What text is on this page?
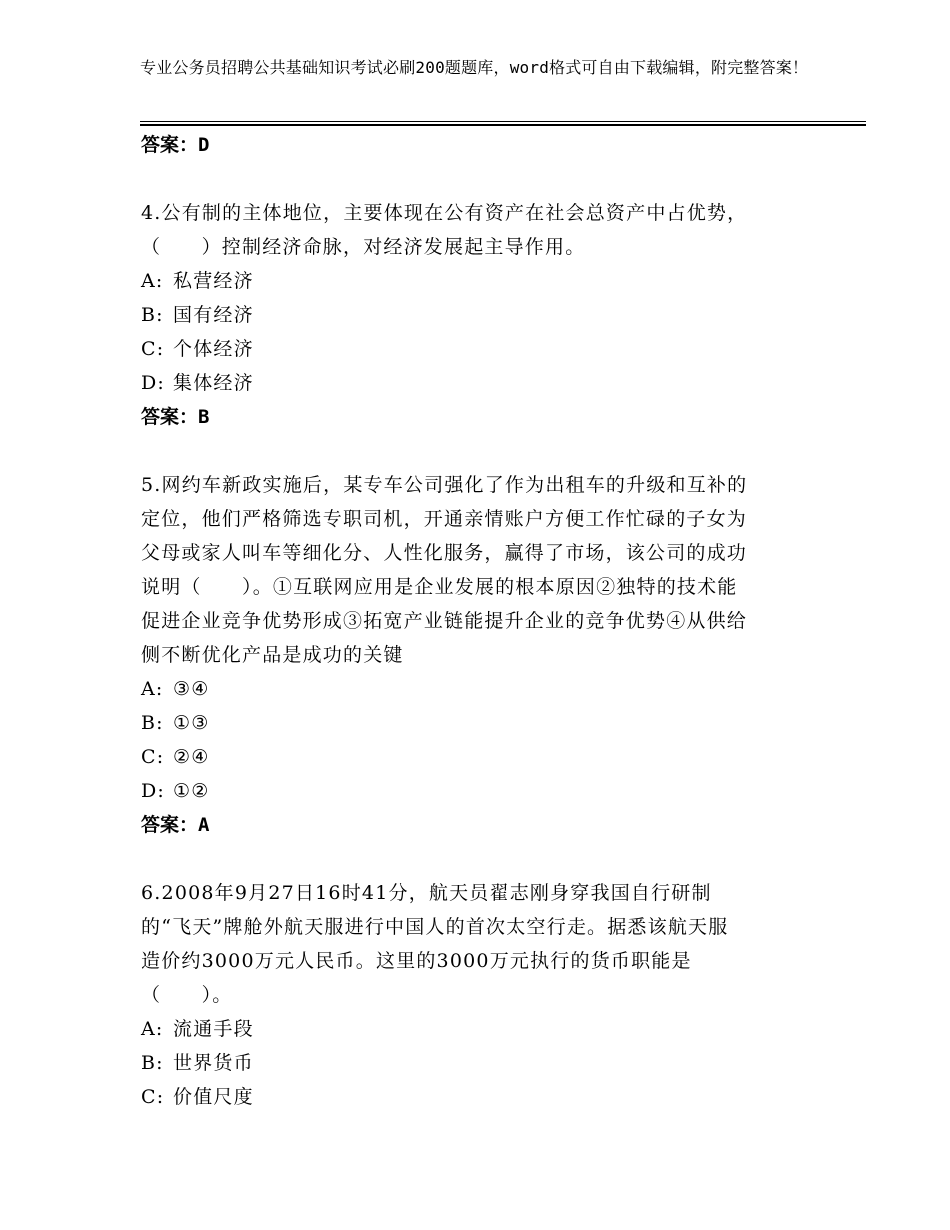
专业公务员招聘公共基础知识考试必刷200题题库，word格式可自由下载编辑，附完整答案！
答案：D
4.公有制的主体地位，主要体现在公有资产在社会总资产中占优势，
（　　）控制经济命脉，对经济发展起主导作用。
A: 私营经济
B: 国有经济
C: 个体经济
D: 集体经济
答案：B
5.网约车新政实施后，某专车公司强化了作为出租车的升级和互补的
定位，他们严格筛选专职司机，开通亲情账户方便工作忙碌的子女为
父母或家人叫车等细化分、人性化服务，赢得了市场，该公司的成功
说明（　　）。①互联网应用是企业发展的根本原因②独特的技术能
促进企业竞争优势形成③拓宽产业链能提升企业的竞争优势④从供给
侧不断优化产品是成功的关键
A: ③④
B: ①③
C: ②④
D: ①②
答案：A
6.2008年9月27日16时41分，航天员翟志刚身穿我国自行研制
的“飞天”牌舱外航天服进行中国人的首次太空行走。据悉该航天服
造价约3000万元人民币。这里的3000万元执行的货币职能是
（　　）。
A: 流通手段
B: 世界货币
C: 价值尺度
